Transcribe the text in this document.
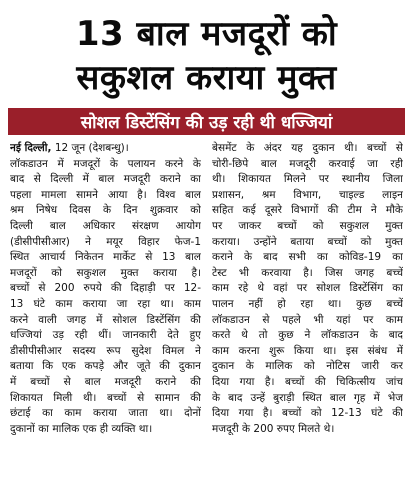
13 बाल मजदूरों को
सकुशल कराया मुक्त
सोशल डिस्टेंसिंग की उड़ रही थी धज्जियां
नई दिल्ली, 12 जून (देशबन्धु)।
लॉकडाउन में मजदूरों के पलायन करने के
बाद से दिल्ली में बाल मजदूरी कराने का
पहला मामला सामने आया है। विश्व बाल
श्रम निषेध दिवस के दिन शुक्रवार को
दिल्ली बाल अधिकार संरक्षण आयोग
(डीसीपीसीआर) ने मयूर विहार फेज-1
स्थित आचार्य निकेतन मार्केट से 13 बाल
मजदूरों को सकुशल मुक्त कराया है।
बच्चों से 200 रुपये की दिहाड़ी पर 12-
13 घंटे काम कराया जा रहा था। काम
करने वाली जगह में सोशल डिस्टेंसिंग की
धज्जियां उड़ रही थीं। जानकारी देते हुए
डीसीपीसीआर सदस्य रूप सुदेश विमल ने
बताया कि एक कपड़े और जूते की दुकान
में बच्चों से बाल मजदूरी कराने की
शिकायत मिली थी। बच्चों से सामान की
छंटाई का काम कराया जाता था। दोनों
दुकानों का मालिक एक ही व्यक्ति था।
बेसमेंट के अंदर यह दुकान थी। बच्चों से
चोरी-छिपे बाल मजदूरी करवाई जा रही
थी। शिकायत मिलने पर स्थानीय जिला
प्रशासन, श्रम विभाग, चाइल्ड लाइन
सहित कई दूसरे विभागों की टीम ने मौके
पर जाकर बच्चों को सकुशल मुक्त
कराया। उन्होंने बताया बच्चों को मुक्त
कराने के बाद सभी का कोविड-19 का
टेस्ट भी करवाया है। जिस जगह बच्चें
काम रहे थे वहां पर सोशल डिस्टेंसिंग का
पालन नहीं हो रहा था। कुछ बच्चें
लॉकडाउन से पहले भी यहां पर काम
करते थे तो कुछ ने लॉकडाउन के बाद
काम करना शुरू किया था। इस संबंध में
दुकान के मालिक को नोटिस जारी कर
दिया गया है। बच्चों की चिकित्सीय जांच
के बाद उन्हें बुराड़ी स्थित बाल गृह में भेज
दिया गया है। बच्चों को 12-13 घंटे की
मजदूरी के 200 रुपए मिलते थे।
